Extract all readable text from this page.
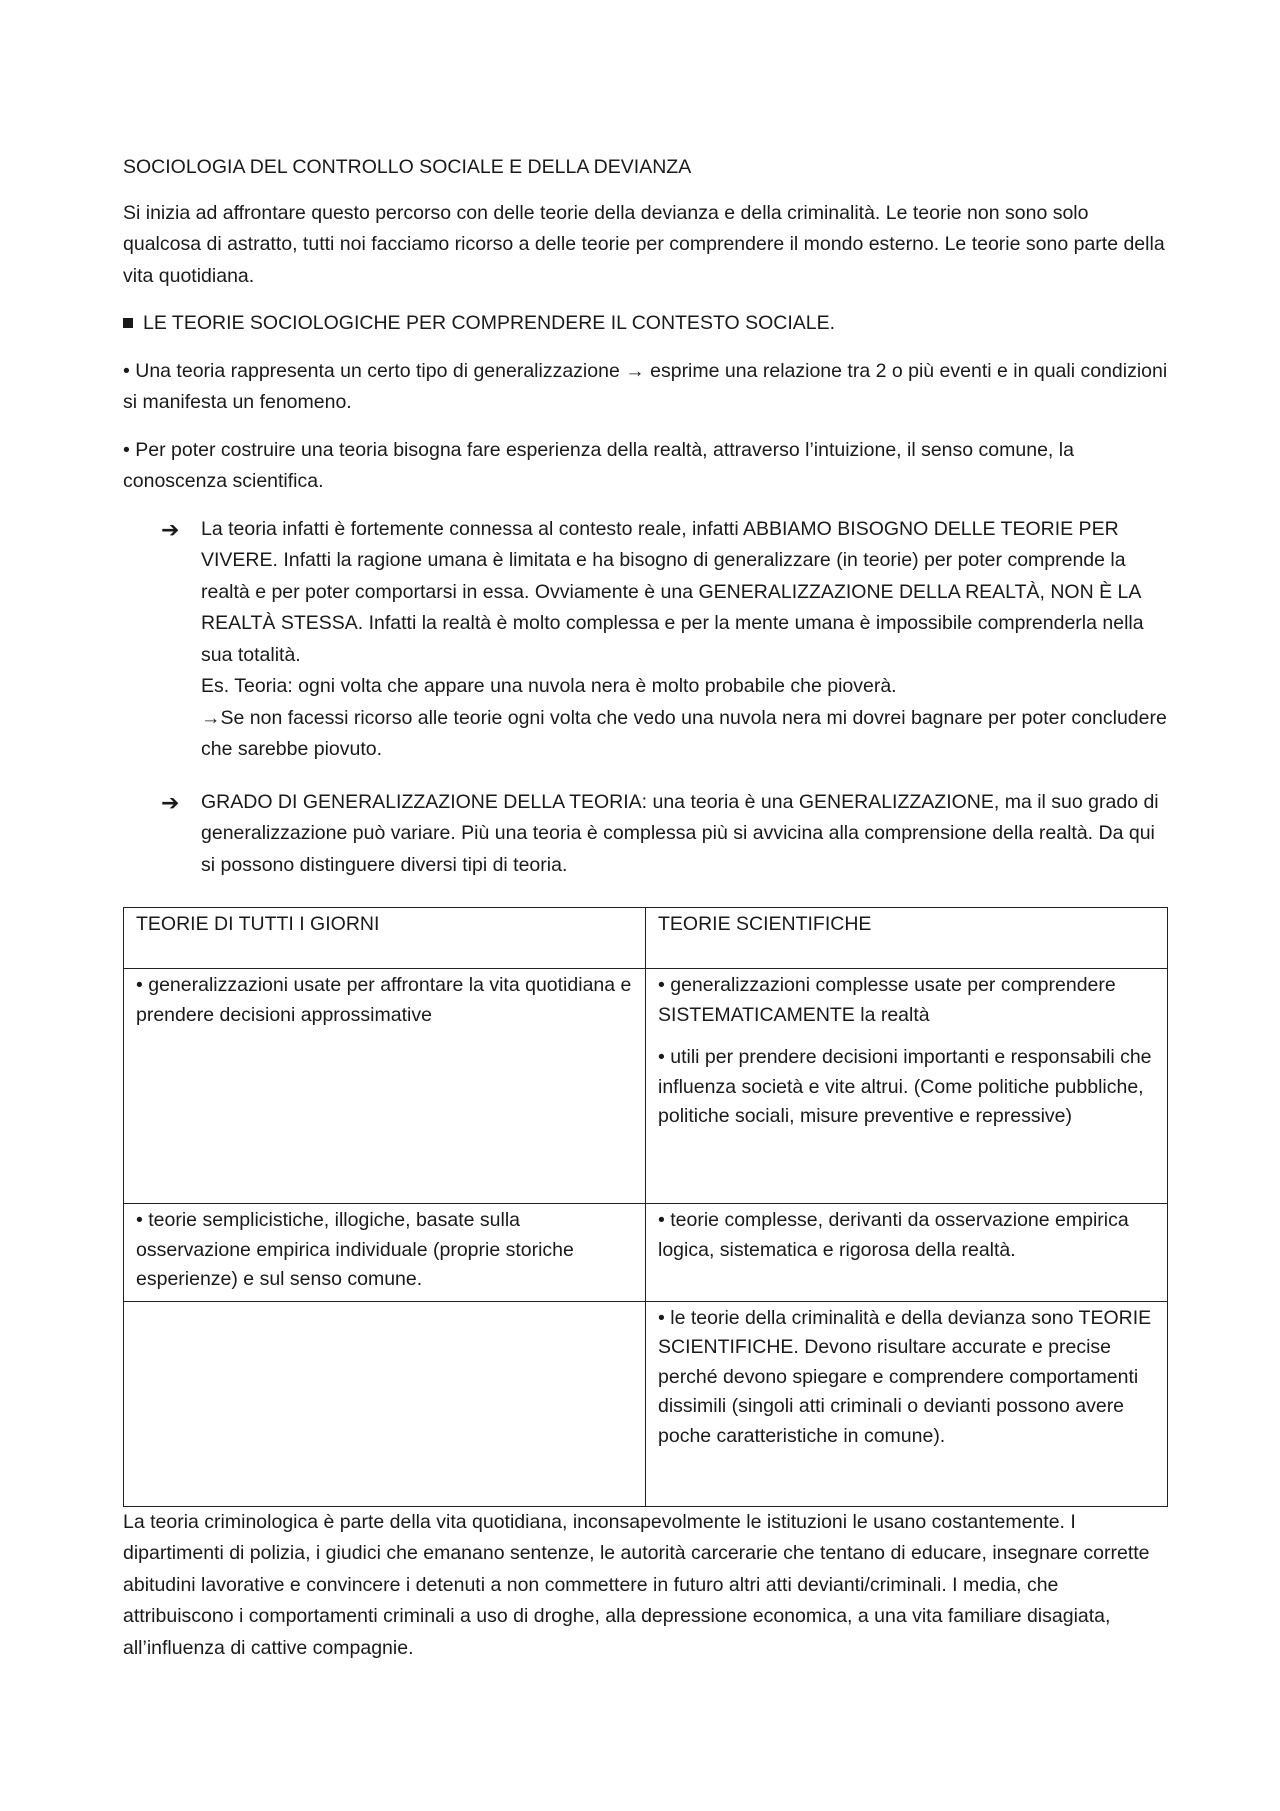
SOCIOLOGIA DEL CONTROLLO SOCIALE E DELLA DEVIANZA

Si inizia ad affrontare questo percorso con delle teorie della devianza e della criminalità. Le teorie non sono solo qualcosa di astratto, tutti noi facciamo ricorso a delle teorie per comprendere il mondo esterno. Le teorie sono parte della vita quotidiana.

LE TEORIE SOCIOLOGICHE PER COMPRENDERE IL CONTESTO SOCIALE.

• Una teoria rappresenta un certo tipo di generalizzazione → esprime una relazione tra 2 o più eventi e in quali condizioni si manifesta un fenomeno.

• Per poter costruire una teoria bisogna fare esperienza della realtà, attraverso l’intuizione, il senso comune, la conoscenza scientifica.

➔	La teoria infatti è fortemente connessa al contesto reale, infatti ABBIAMO BISOGNO DELLE TEORIE PER VIVERE. Infatti la ragione umana è limitata e ha bisogno di generalizzare (in teorie) per poter comprende la realtà e per poter comportarsi in essa. Ovviamente è una GENERALIZZAZIONE DELLA REALTÀ, NON È LA REALTÀ STESSA. Infatti la realtà è molto complessa e per la mente umana è impossibile comprenderla nella sua totalità.
Es. Teoria: ogni volta che appare una nuvola nera è molto probabile che pioverà.
→Se non facessi ricorso alle teorie ogni volta che vedo una nuvola nera mi dovrei bagnare per poter concludere che sarebbe piovuto.
➔	GRADO DI GENERALIZZAZIONE DELLA TEORIA: una teoria è una GENERALIZZAZIONE, ma il suo grado di generalizzazione può variare. Più una teoria è complessa più si avvicina alla comprensione della realtà. Da qui si possono distinguere diversi tipi di teoria.
TEORIE DI TUTTI I GIORNI	TEORIE SCIENTIFICHE

• generalizzazioni usate per affrontare la vita quotidiana e prendere decisioni approssimative	• generalizzazioni complesse usate per comprendere SISTEMATICAMENTE la realtà

• utili per prendere decisioni importanti e responsabili che influenza società e vite altrui. (Come politiche pubbliche, politiche sociali, misure preventive e repressive)

• teorie semplicistiche, illogiche, basate sulla osservazione empirica individuale (proprie storiche esperienze) e sul senso comune.	• teorie complesse, derivanti da osservazione empirica logica, sistematica e rigorosa della realtà.

	• le teorie della criminalità e della devianza sono TEORIE SCIENTIFICHE. Devono risultare accurate e precise perché devono spiegare e comprendere comportamenti dissimili (singoli atti criminali o devianti possono avere poche caratteristiche in comune).

La teoria criminologica è parte della vita quotidiana, inconsapevolmente le istituzioni le usano costantemente. I dipartimenti di polizia, i giudici che emanano sentenze, le autorità carcerarie che tentano di educare, insegnare corrette abitudini lavorative e convincere i detenuti a non commettere in futuro altri atti devianti/criminali. I media, che attribuiscono i comportamenti criminali a uso di droghe, alla depressione economica, a una vita familiare disagiata, all’influenza di cattive compagnie.
